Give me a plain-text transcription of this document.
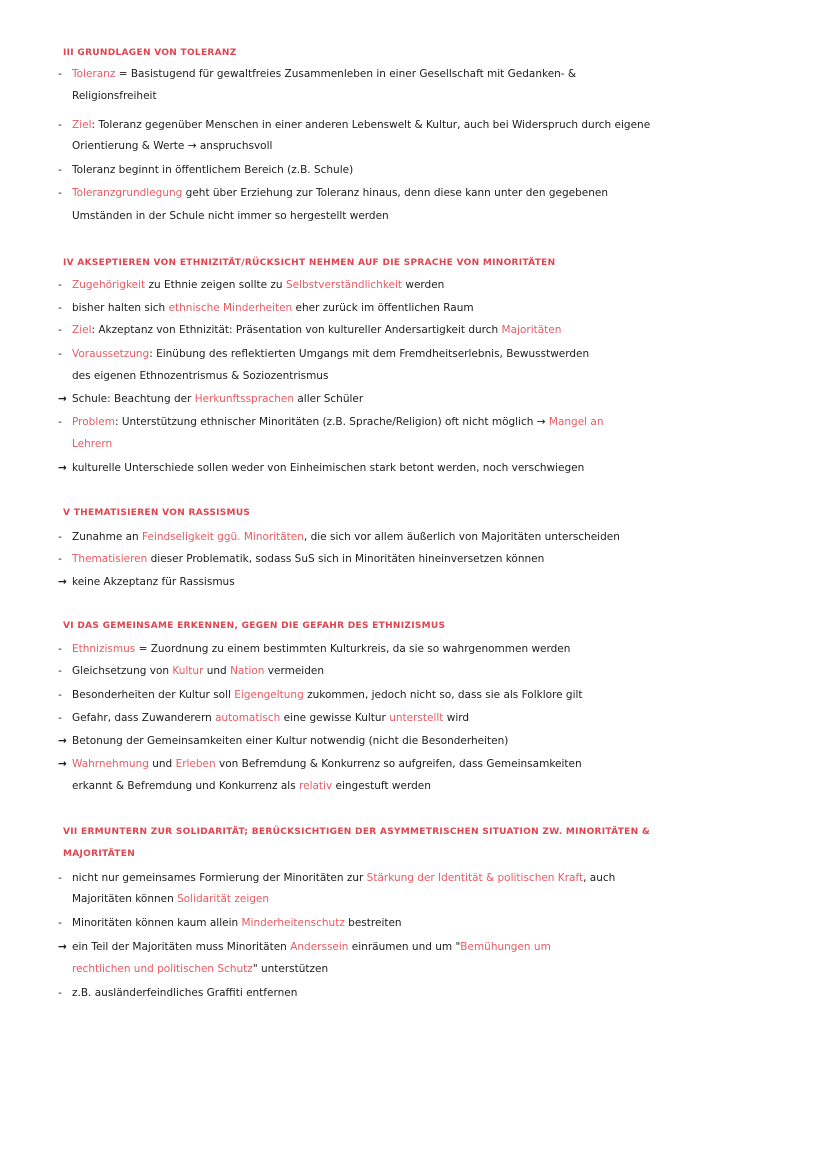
III GRUNDLAGEN VON TOLERANZ
- Toleranz = Basistugend für gewaltfreies Zusammenleben in einer Gesellschaft mit Gedanken- &
Religionsfreiheit
- Ziel: Toleranz gegenüber Menschen in einer anderen Lebenswelt & Kultur, auch bei Widerspruch durch eigene
Orientierung & Werte → anspruchsvoll
- Toleranz beginnt in öffentlichem Bereich (z.B. Schule)
- Toleranzgrundlegung geht über Erziehung zur Toleranz hinaus, denn diese kann unter den gegebenen
Umständen in der Schule nicht immer so hergestellt werden
IV AKSEPTIEREN VON ETHNIZITÄT/RÜCKSICHT NEHMEN AUF DIE SPRACHE VON MINORITÄTEN
- Zugehörigkeit zu Ethnie zeigen sollte zu Selbstverständlichkeit werden
- bisher halten sich ethnische Minderheiten eher zurück im öffentlichen Raum
- Ziel: Akzeptanz von Ethnizität: Präsentation von kultureller Andersartigkeit durch Majoritäten
- Voraussetzung: Einübung des reflektierten Umgangs mit dem Fremdheitserlebnis, Bewusstwerden
des eigenen Ethnozentrismus & Soziozentrismus
→ Schule: Beachtung der Herkunftssprachen aller Schüler
- Problem: Unterstützung ethnischer Minoritäten (z.B. Sprache/Religion) oft nicht möglich → Mangel an
Lehrern
→ kulturelle Unterschiede sollen weder von Einheimischen stark betont werden, noch verschwiegen
V THEMATISIEREN VON RASSISMUS
- Zunahme an Feindseligkeit ggü. Minoritäten, die sich vor allem äußerlich von Majoritäten unterscheiden
- Thematisieren dieser Problematik, sodass SuS sich in Minoritäten hineinversetzen können
→ keine Akzeptanz für Rassismus
VI DAS GEMEINSAME ERKENNEN, GEGEN DIE GEFAHR DES ETHNIZISMUS
- Ethnizismus = Zuordnung zu einem bestimmten Kulturkreis, da sie so wahrgenommen werden
- Gleichsetzung von Kultur und Nation vermeiden
- Besonderheiten der Kultur soll Eigengeltung zukommen, jedoch nicht so, dass sie als Folklore gilt
- Gefahr, dass Zuwanderern automatisch eine gewisse Kultur unterstellt wird
→ Betonung der Gemeinsamkeiten einer Kultur notwendig (nicht die Besonderheiten)
→ Wahrnehmung und Erleben von Befremdung & Konkurrenz so aufgreifen, dass Gemeinsamkeiten
erkannt & Befremdung und Konkurrenz als relativ eingestuft werden
VII ERMUNTERN ZUR SOLIDARITÄT; BERÜCKSICHTIGEN DER ASYMMETRISCHEN SITUATION ZW. MINORITÄTEN &
MAJORITÄTEN
- nicht nur gemeinsames Formierung der Minoritäten zur Stärkung der Identität & politischen Kraft, auch
Majoritäten können Solidarität zeigen
- Minoritäten können kaum allein Minderheitenschutz bestreiten
→ ein Teil der Majoritäten muss Minoritäten Anderssein einräumen und um "Bemühungen um
rechtlichen und politischen Schutz" unterstützen
- z.B. ausländerfeindliches Graffiti entfernen
